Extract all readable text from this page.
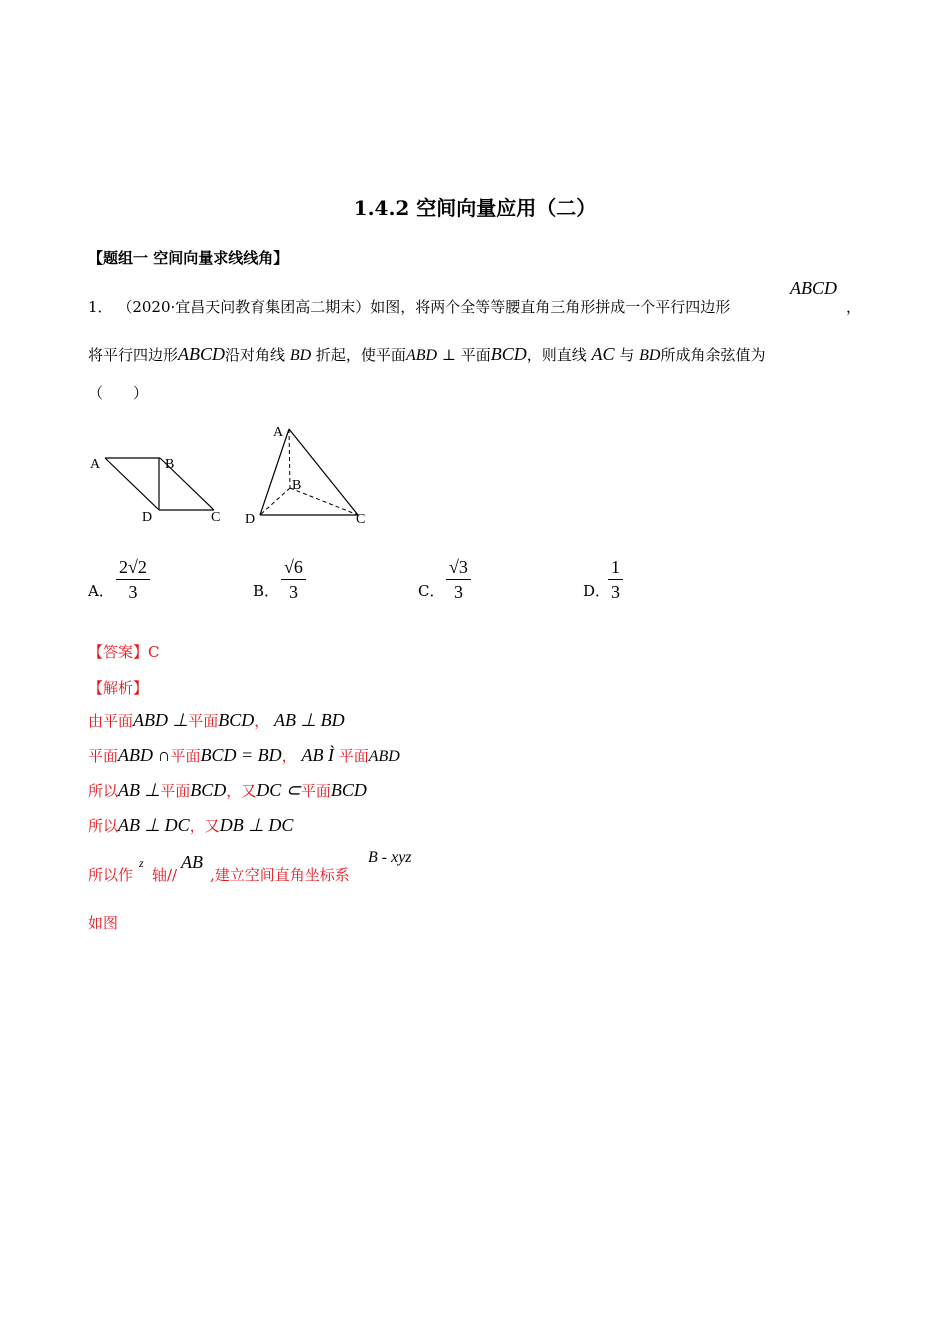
1.4.2 空间向量应用（二）
【题组一 空间向量求线线角】
1． （2020·宜昌天问教育集团高二期末）如图，将两个全等等腰直角三角形拼成一个平行四边形
ABCD
，
将平行四边形ABCD沿对角线 BD 折起，使平面ABD ⊥ 平面BCD，则直线 AC 与 BD所成角余弦值为
（　　）
A	B
D	C
A
B
D	C
A． $\frac{2√2}{3}$	B． $\frac{√6}{3}$	C． $\frac{√3}{3}$	D．
$\frac{1}{3}$
【答案】C
【解析】
由平面ABD ⊥平面BCD， AB ⊥ BD
平面ABD ∩平面BCD = BD， AB Ì 平面ABD
所以AB ⊥平面BCD，又DC ⊂平面BCD
所以AB ⊥ DC，又DB ⊥ DC
所以作
z
轴//
AB
,建立空间直角坐标系
B - xyz
如图
